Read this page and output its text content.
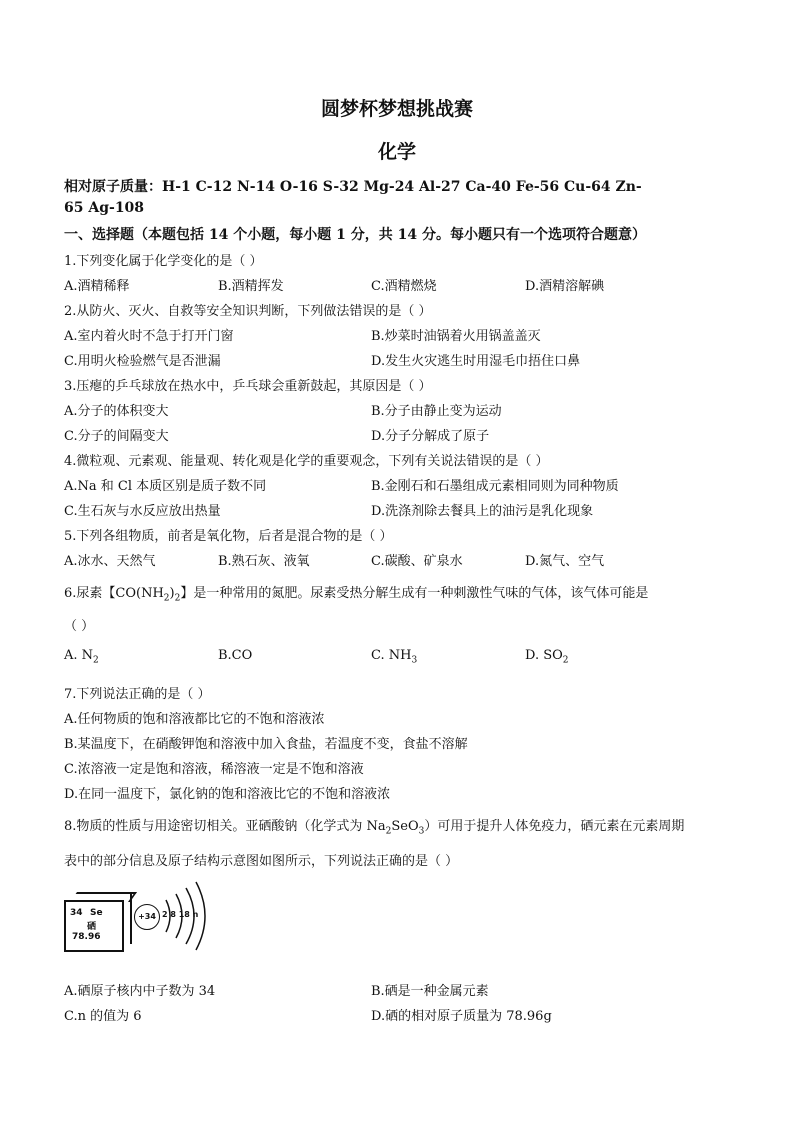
圆梦杯梦想挑战赛
化学
相对原子质量：H-1 C-12 N-14 O-16 S-32 Mg-24 Al-27 Ca-40 Fe-56 Cu-64 Zn-
65 Ag-108
一、选择题（本题包括 14 个小题，每小题 1 分，共 14 分。每小题只有一个选项符合题意）
1.下列变化属于化学变化的是（ ）
A.酒精稀释	B.酒精挥发	C.酒精燃烧	D.酒精溶解碘
2.从防火、灭火、自救等安全知识判断，下列做法错误的是（ ）
A.室内着火时不急于打开门窗	B.炒菜时油锅着火用锅盖盖灭
C.用明火检验燃气是否泄漏	D.发生火灾逃生时用湿毛巾捂住口鼻
3.压瘪的乒乓球放在热水中，乒乓球会重新鼓起，其原因是（ ）
A.分子的体积变大	B.分子由静止变为运动
C.分子的间隔变大	D.分子分解成了原子
4.微粒观、元素观、能量观、转化观是化学的重要观念，下列有关说法错误的是（ ）
A.Na 和 Cl 本质区别是质子数不同	B.金刚石和石墨组成元素相同则为同种物质
C.生石灰与水反应放出热量	D.洗涤剂除去餐具上的油污是乳化现象
5.下列各组物质，前者是氧化物，后者是混合物的是（ ）
A.冰水、天然气	B.熟石灰、液氧	C.碳酸、矿泉水	D.氮气、空气
6.尿素【$CO(NH_2)_2$】是一种常用的氮肥。尿素受热分解生成有一种刺激性气味的气体，该气体可能是
（ ）
A. $N_2$	B.CO	C. $NH_3$	D. $SO_2$
7.下列说法正确的是（ ）
A.任何物质的饱和溶液都比它的不饱和溶液浓
B.某温度下，在硝酸钾饱和溶液中加入食盐，若温度不变，食盐不溶解
C.浓溶液一定是饱和溶液，稀溶液一定是不饱和溶液
D.在同一温度下，氯化钠的饱和溶液比它的不饱和溶液浓
8.物质的性质与用途密切相关。亚硒酸钠（化学式为 $Na_2SeO_3$）可用于提升人体免疫力，硒元素在元素周期
表中的部分信息及原子结构示意图如图所示，下列说法正确的是（ ）
34 Se
硒
78.96
+34 2 8 18 n
A.硒原子核内中子数为 34	B.硒是一种金属元素
C.n 的值为 6	D.硒的相对原子质量为 78.96g
